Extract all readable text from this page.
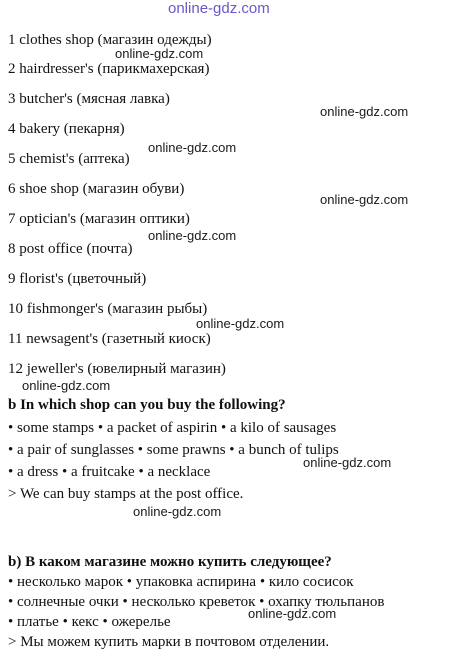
online-gdz.com
1 clothes shop (магазин одежды)
2 hairdresser's (парикмахерская)
3 butcher's (мясная лавка)
4 bakery (пекарня)
5 chemist's (аптека)
6 shoe shop (магазин обуви)
7 optician's (магазин оптики)
8 post office (почта)
9 florist's (цветочный)
10 fishmonger's (магазин рыбы)
11 newsagent's (газетный киоск)
12 jeweller's (ювелирный магазин)
b In which shop can you buy the following?
• some stamps • a packet of aspirin • a kilo of sausages
• a pair of sunglasses • some prawns • a bunch of tulips
• a dress • a fruitcake • a necklace
> We can buy stamps at the post office.
b) В каком магазине можно купить следующее?
• несколько марок • упаковка аспирина • кило сосисок
• солнечные очки • несколько креветок • охапку тюльпанов
• платье • кекс • ожерелье
> Мы можем купить марки в почтовом отделении.
online-gdz.com
online-gdz.com
online-gdz.com
online-gdz.com
online-gdz.com
online-gdz.com
online-gdz.com
online-gdz.com
online-gdz.com
online-gdz.com
